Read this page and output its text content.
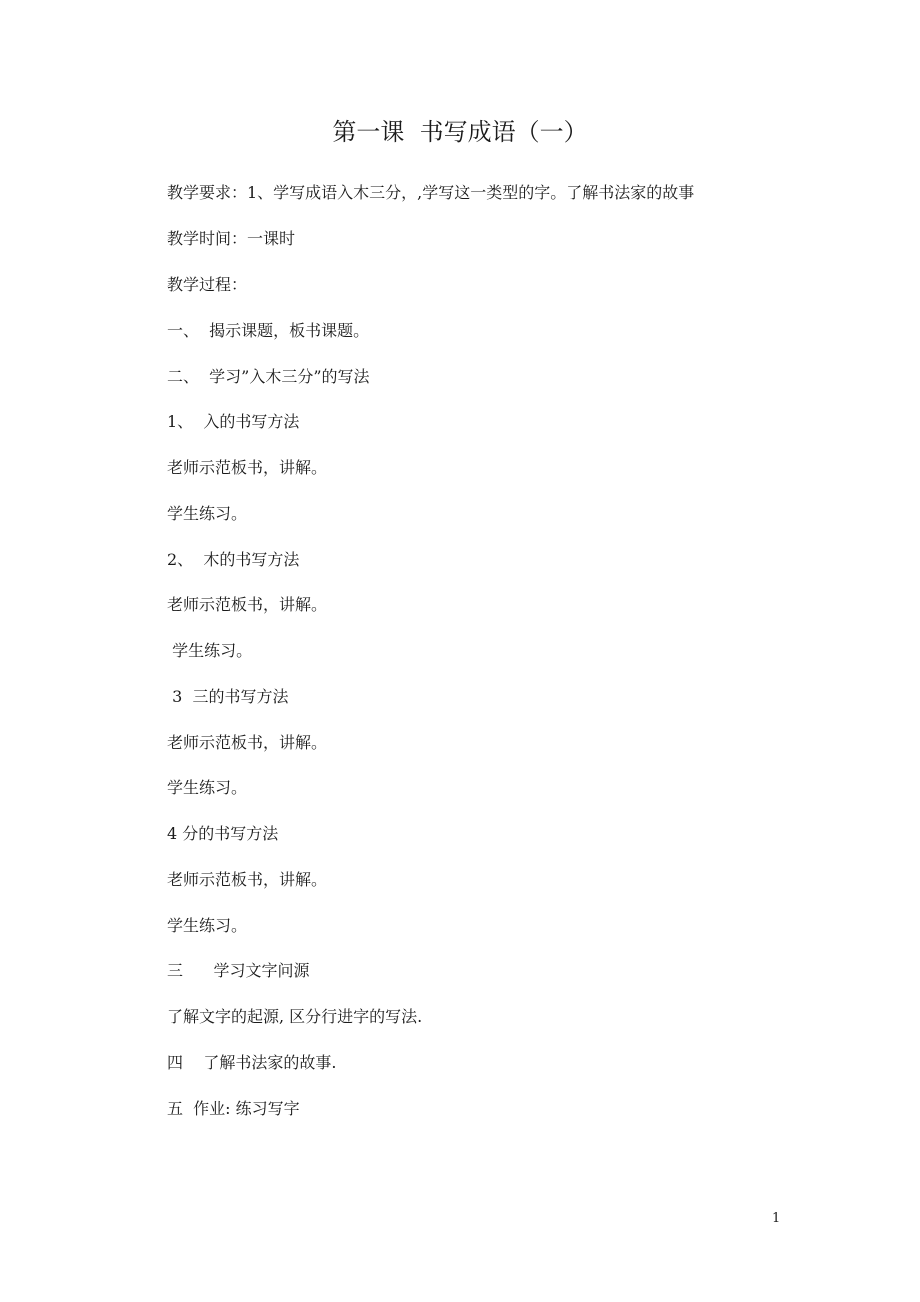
第一课  书写成语（一）
教学要求：1、学写成语入木三分，,学写这一类型的字。了解书法家的故事
教学时间：一课时
教学过程：
一、  揭示课题，板书课题。
二、  学习”入木三分”的写法
1、  入的书写方法
老师示范板书，讲解。
学生练习。
2、  木的书写方法
老师示范板书，讲解。
学生练习。
3  三的书写方法
老师示范板书，讲解。
学生练习。
4 分的书写方法
老师示范板书，讲解。
学生练习。
三      学习文字问源
了解文字的起源, 区分行进字的写法.
四    了解书法家的故事.
五  作业: 练习写字
1
